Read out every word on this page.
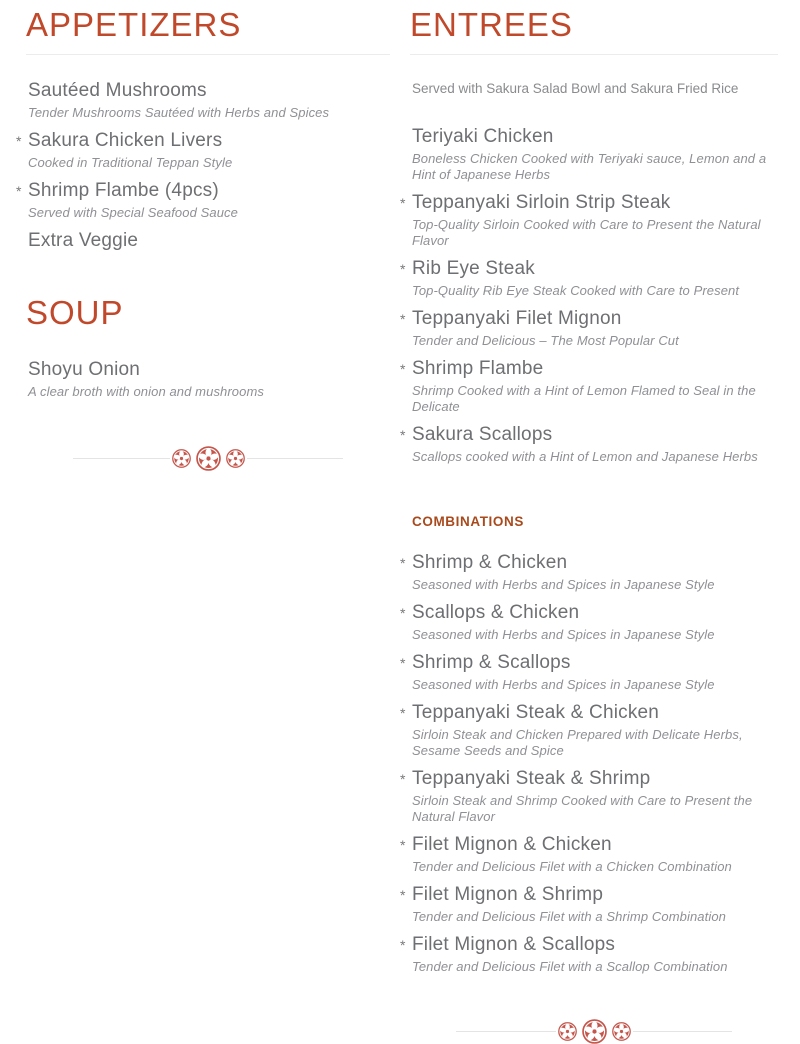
APPETIZERS
Sautéed Mushrooms
Tender Mushrooms Sautéed with Herbs and Spices
* Sakura Chicken Livers
Cooked in Traditional Teppan Style
* Shrimp Flambe (4pcs)
Served with Special Seafood Sauce
Extra Veggie
SOUP
Shoyu Onion
A clear broth with onion and mushrooms
ENTREES

Served with Sakura Salad Bowl and Sakura Fried Rice

Teriyaki Chicken
Boneless Chicken Cooked with Teriyaki sauce, Lemon and a Hint of Japanese Herbs
* Teppanyaki Sirloin Strip Steak
Top-Quality Sirloin Cooked with Care to Present the Natural Flavor
* Rib Eye Steak
Top-Quality Rib Eye Steak Cooked with Care to Present
* Teppanyaki Filet Mignon
Tender and Delicious – The Most Popular Cut
* Shrimp Flambe
Shrimp Cooked with a Hint of Lemon Flamed to Seal in the Delicate
* Sakura Scallops
Scallops cooked with a Hint of Lemon and Japanese Herbs
COMBINATIONS
* Shrimp & Chicken
Seasoned with Herbs and Spices in Japanese Style
* Scallops & Chicken
Seasoned with Herbs and Spices in Japanese Style
* Shrimp & Scallops
Seasoned with Herbs and Spices in Japanese Style
* Teppanyaki Steak & Chicken
Sirloin Steak and Chicken Prepared with Delicate Herbs, Sesame Seeds and Spice
* Teppanyaki Steak & Shrimp
Sirloin Steak and Shrimp Cooked with Care to Present the Natural Flavor
* Filet Mignon & Chicken
Tender and Delicious Filet with a Chicken Combination
* Filet Mignon & Shrimp
Tender and Delicious Filet with a Shrimp Combination
* Filet Mignon & Scallops
Tender and Delicious Filet with a Scallop Combination
